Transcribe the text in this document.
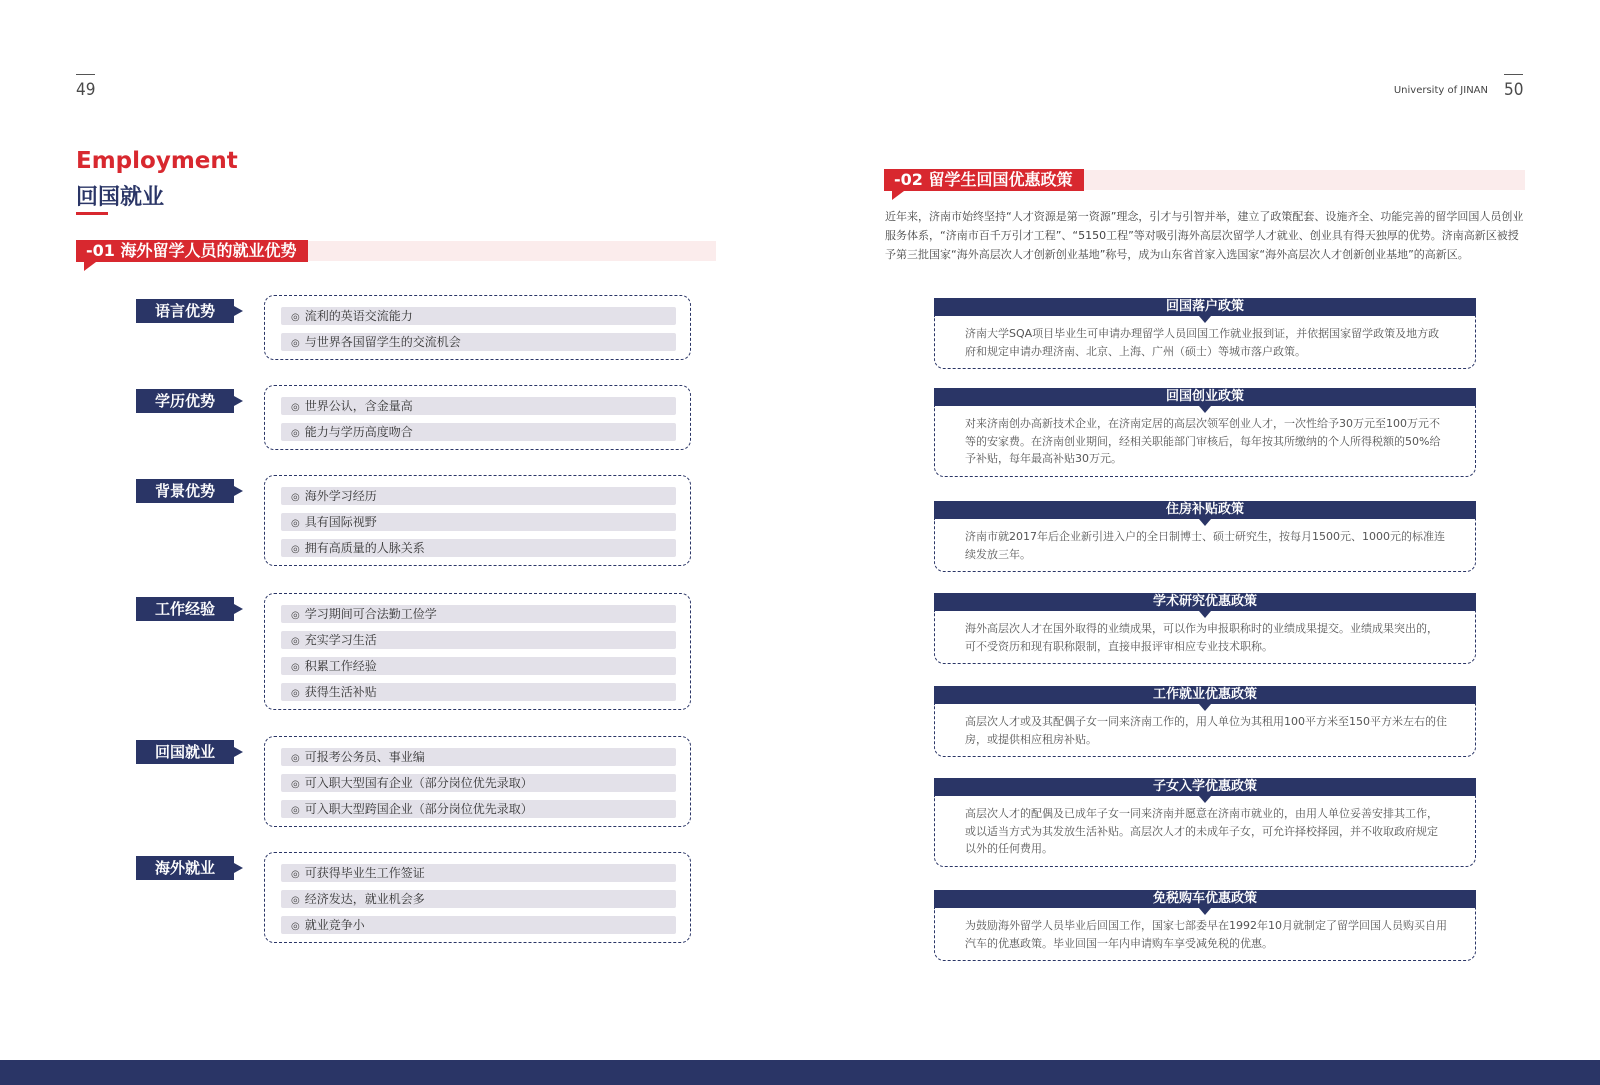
49	University of JINAN 50
Employment
回国就业
-01 海外留学人员的就业优势
语言优势	◎ 流利的英语交流能力
◎ 与世界各国留学生的交流机会
学历优势	◎ 世界公认，含金量高
◎ 能力与学历高度吻合
背景优势	◎ 海外学习经历
◎ 具有国际视野
◎ 拥有高质量的人脉关系
工作经验	◎ 学习期间可合法勤工俭学
◎ 充实学习生活
◎ 积累工作经验
◎ 获得生活补贴
回国就业	◎ 可报考公务员、事业编
◎ 可入职大型国有企业（部分岗位优先录取）
◎ 可入职大型跨国企业（部分岗位优先录取）
海外就业	◎ 可获得毕业生工作签证
◎ 经济发达，就业机会多
◎ 就业竞争小
-02 留学生回国优惠政策
近年来，济南市始终坚持“人才资源是第一资源”理念，引才与引智并举，建立了政策配套、设施齐全、功能完善的留学回国人员创业服务体系，“济南市百千万引才工程”、“5150工程”等对吸引海外高层次留学人才就业、创业具有得天独厚的优势。济南高新区被授予第三批国家“海外高层次人才创新创业基地”称号，成为山东省首家入选国家“海外高层次人才创新创业基地”的高新区。
回国落户政策
济南大学SQA项目毕业生可申请办理留学人员回国工作就业报到证，并依据国家留学政策及地方政府和规定申请办理济南、北京、上海、广州（硕士）等城市落户政策。
回国创业政策
对来济南创办高新技术企业，在济南定居的高层次领军创业人才，一次性给予30万元至100万元不等的安家费。在济南创业期间，经相关职能部门审核后，每年按其所缴纳的个人所得税额的50%给予补贴，每年最高补贴30万元。
住房补贴政策
济南市就2017年后企业新引进入户的全日制博士、硕士研究生，按每月1500元、1000元的标准连续发放三年。
学术研究优惠政策
海外高层次人才在国外取得的业绩成果，可以作为申报职称时的业绩成果提交。业绩成果突出的，可不受资历和现有职称限制，直接申报评审相应专业技术职称。
工作就业优惠政策
高层次人才或及其配偶子女一同来济南工作的，用人单位为其租用100平方米至150平方米左右的住房，或提供相应租房补贴。
子女入学优惠政策
高层次人才的配偶及已成年子女一同来济南并愿意在济南市就业的，由用人单位妥善安排其工作，或以适当方式为其发放生活补贴。高层次人才的未成年子女，可允许择校择园，并不收取政府规定以外的任何费用。
免税购车优惠政策
为鼓励海外留学人员毕业后回国工作，国家七部委早在1992年10月就制定了留学回国人员购买自用汽车的优惠政策。毕业回国一年内申请购车享受减免税的优惠。
